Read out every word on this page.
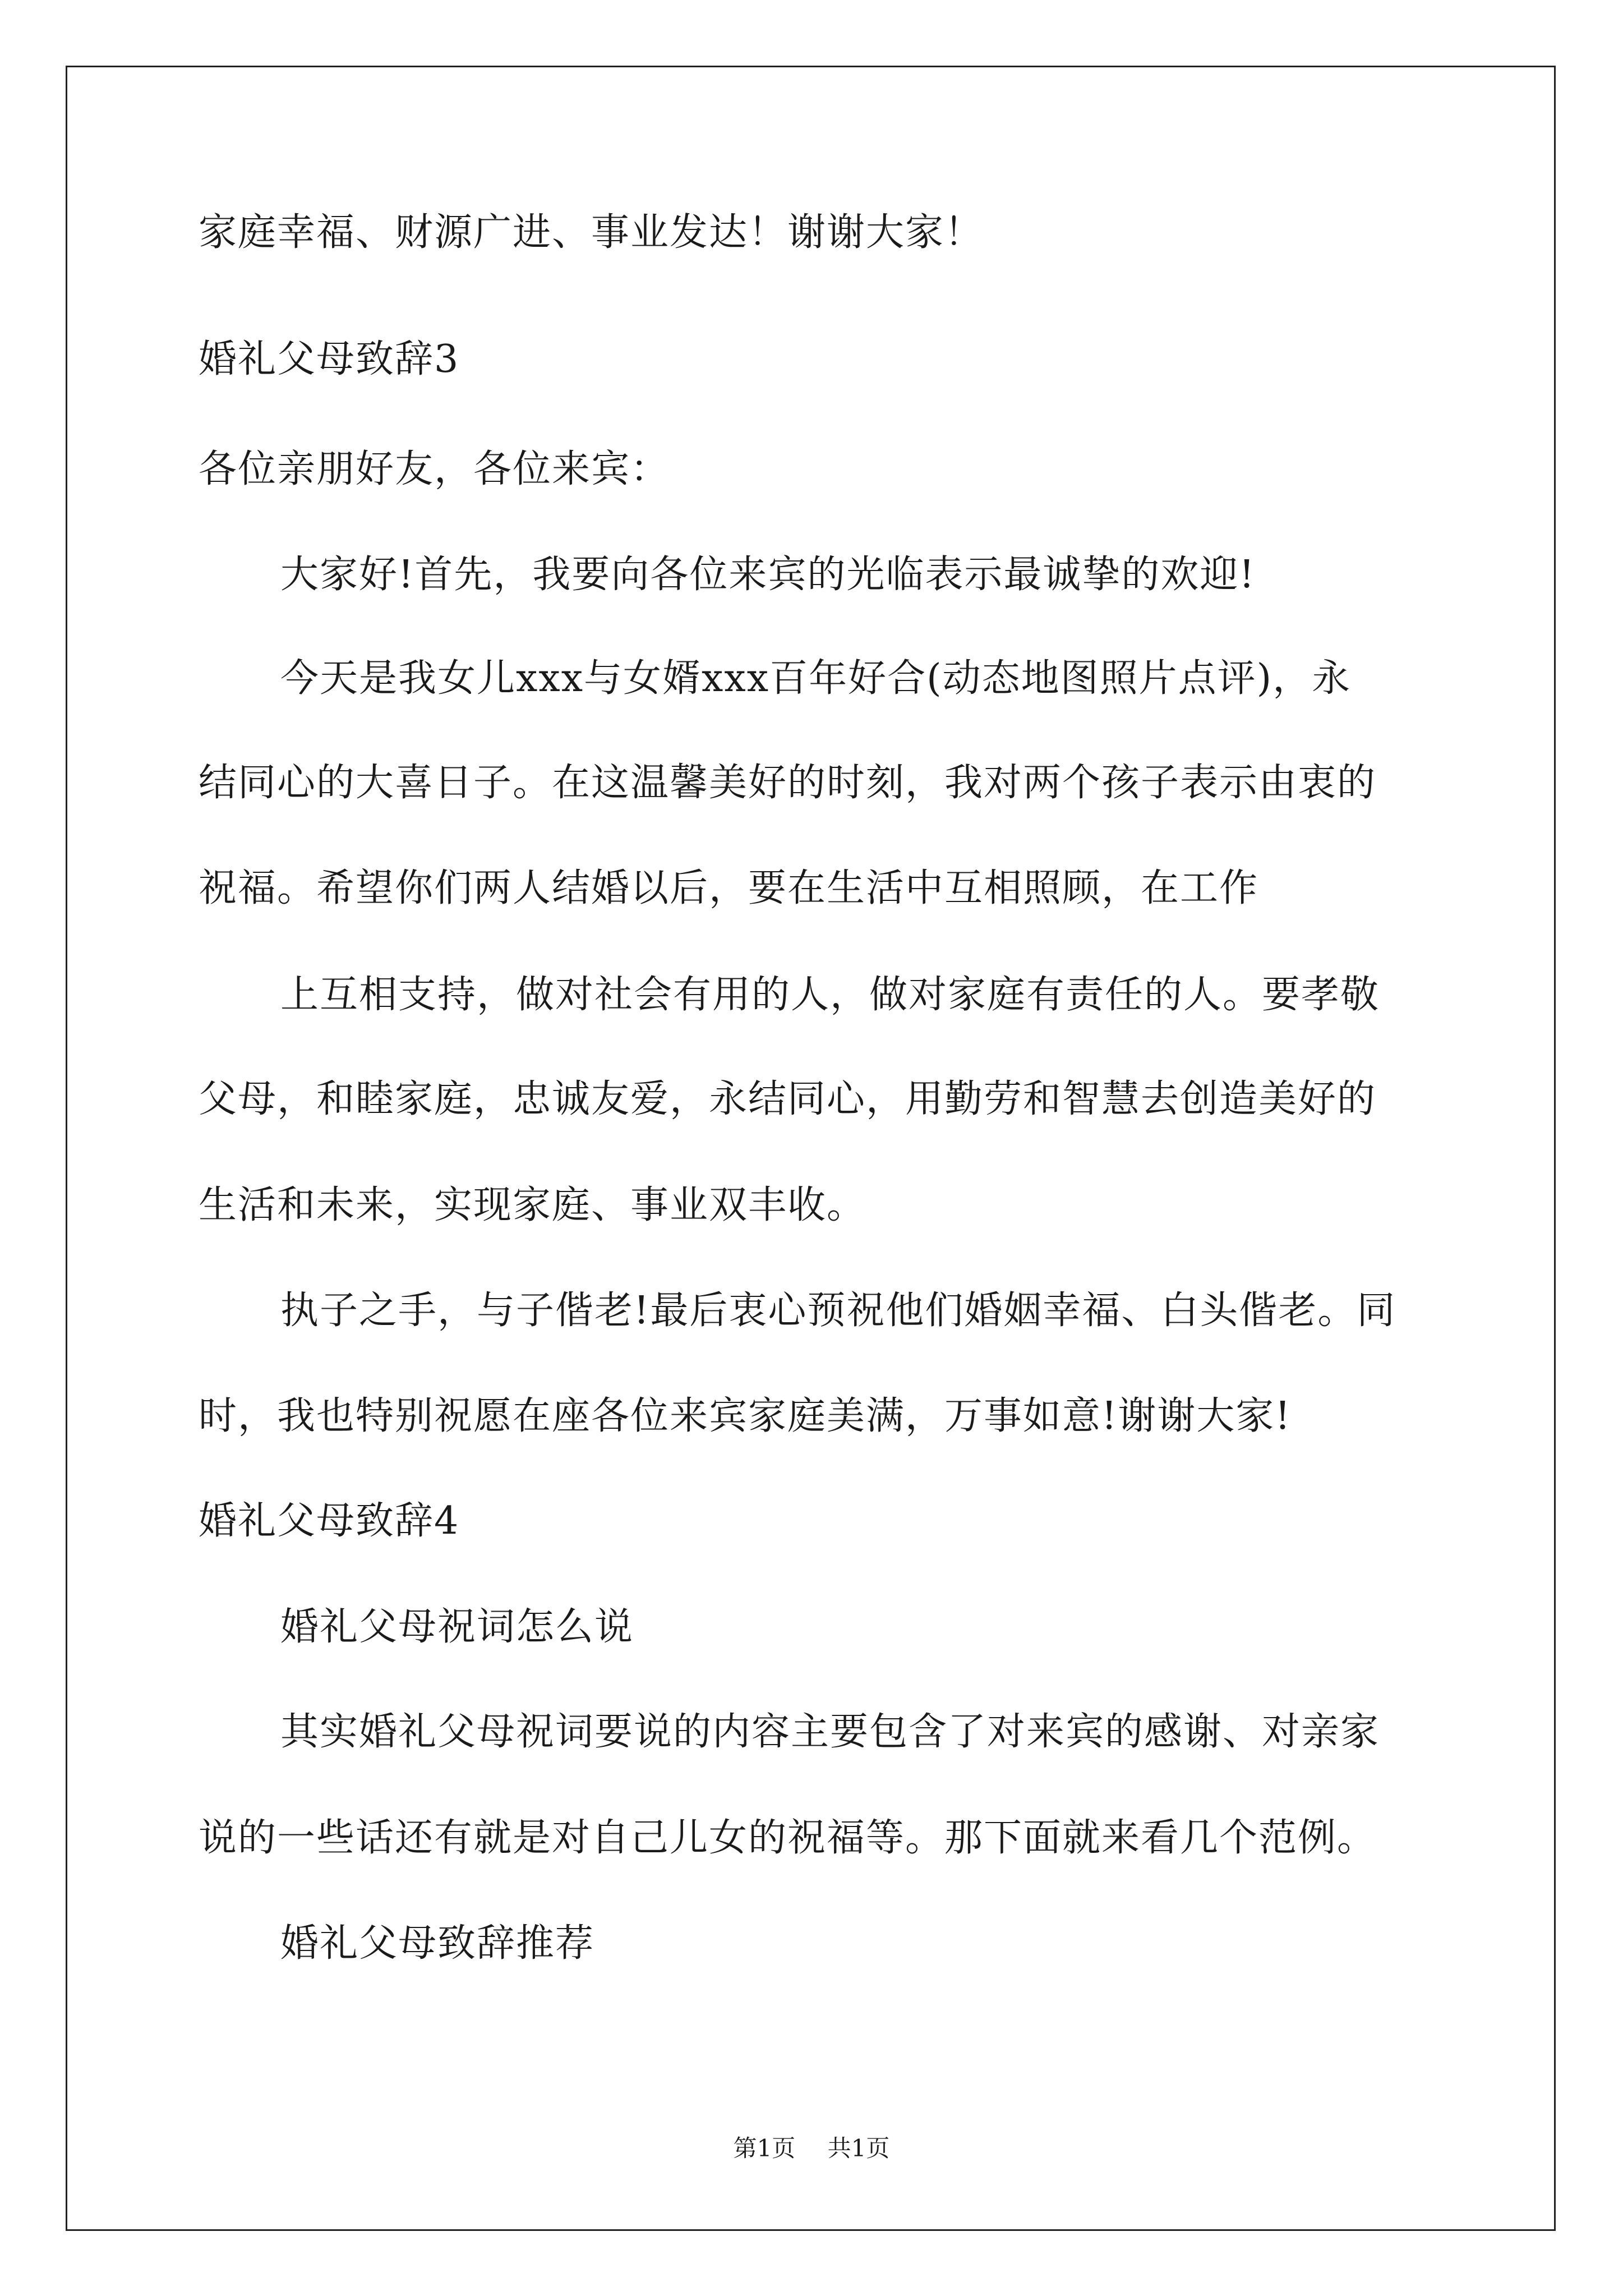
家庭幸福、财源广进、事业发达！谢谢大家！
婚礼父母致辞3
各位亲朋好友，各位来宾：
大家好!首先，我要向各位来宾的光临表示最诚挚的欢迎!
今天是我女儿xxx与女婿xxx百年好合(动态地图照片点评)，永
结同心的大喜日子。在这温馨美好的时刻，我对两个孩子表示由衷的
祝福。希望你们两人结婚以后，要在生活中互相照顾，在工作
上互相支持，做对社会有用的人，做对家庭有责任的人。要孝敬
父母，和睦家庭，忠诚友爱，永结同心，用勤劳和智慧去创造美好的
生活和未来，实现家庭、事业双丰收。
执子之手，与子偕老!最后衷心预祝他们婚姻幸福、白头偕老。同
时，我也特别祝愿在座各位来宾家庭美满，万事如意!谢谢大家!
婚礼父母致辞4
婚礼父母祝词怎么说
其实婚礼父母祝词要说的内容主要包含了对来宾的感谢、对亲家
说的一些话还有就是对自己儿女的祝福等。那下面就来看几个范例。
婚礼父母致辞推荐
第1页 共1页
